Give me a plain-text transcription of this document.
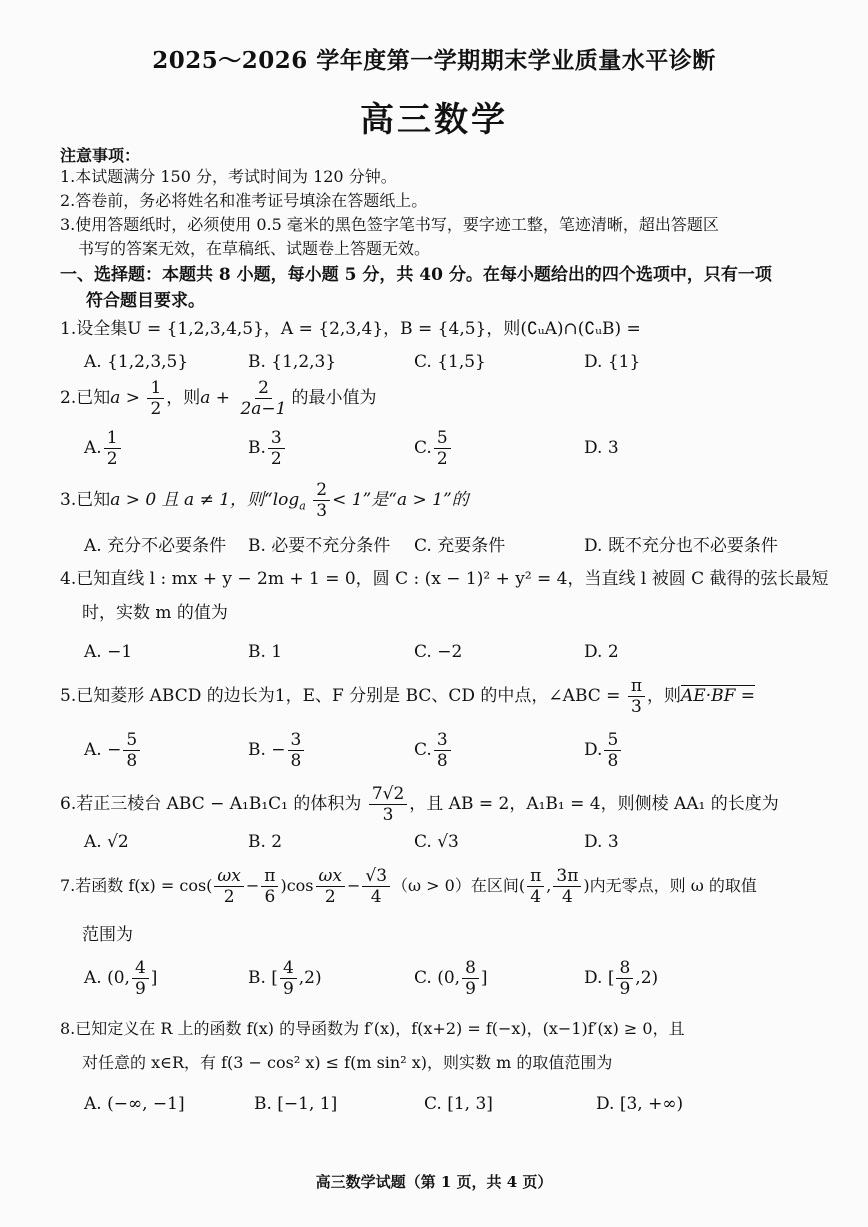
2025～2026 学年度第一学期期末学业质量水平诊断
高三数学
注意事项：
1.本试题满分 150 分，考试时间为 120 分钟。
2.答卷前，务必将姓名和准考证号填涂在答题纸上。
3.使用答题纸时，必须使用 0.5 毫米的黑色签字笔书写，要字迹工整，笔迹清晰，超出答题区
书写的答案无效，在草稿纸、试题卷上答题无效。
一、选择题：本题共 8 小题，每小题 5 分，共 40 分。在每小题给出的四个选项中，只有一项
符合题目要求。
1.设全集U = {1,2,3,4,5}，A = {2,3,4}，B = {4,5}，则(∁ᵤA)∩(∁ᵤB) =
A. {1,2,3,5}	B. {1,2,3}	C. {1,5}	D. {1}
2.已知$a > \frac{1}{2}$ ，则$a + \frac{2}{2a-1}$ 的最小值为
A. $\frac{1}{2}$	B. $\frac{3}{2}$	C. $\frac{5}{2}$	D. 3
3.已知a > 0 且 a ≠ 1，则“$\log_a \frac{2}{3} < 1$”是“a > 1”的
A. 充分不必要条件 B. 必要不充分条件 C. 充要条件	D. 既不充分也不必要条件
4.已知直线 l : mx + y − 2m + 1 = 0，圆 C : (x − 1)² + y² = 4，当直线 l 被圆 C 截得的弦长最短
时，实数 m 的值为
A. −1	B. 1	C. −2	D. 2
5.已知菱形 ABCD 的边长为1，E、F 分别是 BC、CD 的中点，∠ABC = $\frac{\pi}{3}$ ，则AE·BF =
A. − $\frac{5}{8}$	B. − $\frac{3}{8}$	C. $\frac{3}{8}$	D. $\frac{5}{8}$
6.若正三棱台 ABC − A₁B₁C₁ 的体积为 $\frac{7√2}{3}$ ，且 AB = 2，A₁B₁ = 4，则侧棱 AA₁ 的长度为
A. √2	B. 2	C. √3	D. 3
7.若函数 $f(x) = \cos( \frac{\omega x}{2} - \frac{\pi}{6} )\cos \frac{\omega x}{2} - \frac{√3}{4} (\omega > 0)$在区间( $\frac{\pi}{4}$ , $\frac{3\pi}{4}$ )内无零点，则 ω 的取值
范围为
A. (0, $\frac{4}{9}$ ]	B. [ $\frac{4}{9} ,2$)	C. (0, $\frac{8}{9}$ ]	D. [ $\frac{8}{9} ,2$)
8.已知定义在 R 上的函数 f(x) 的导函数为 f′(x)，f(x+2) = f(−x)，(x−1)f′(x) ≥ 0，且
对任意的 x∈R，有 f(3 − cos² x) ≤ f(m sin² x)，则实数 m 的取值范围为
A. (−∞, −1]	B. [−1, 1]	C. [1, 3]	D. [3, +∞)
高三数学试题（第 1 页，共 4 页）
